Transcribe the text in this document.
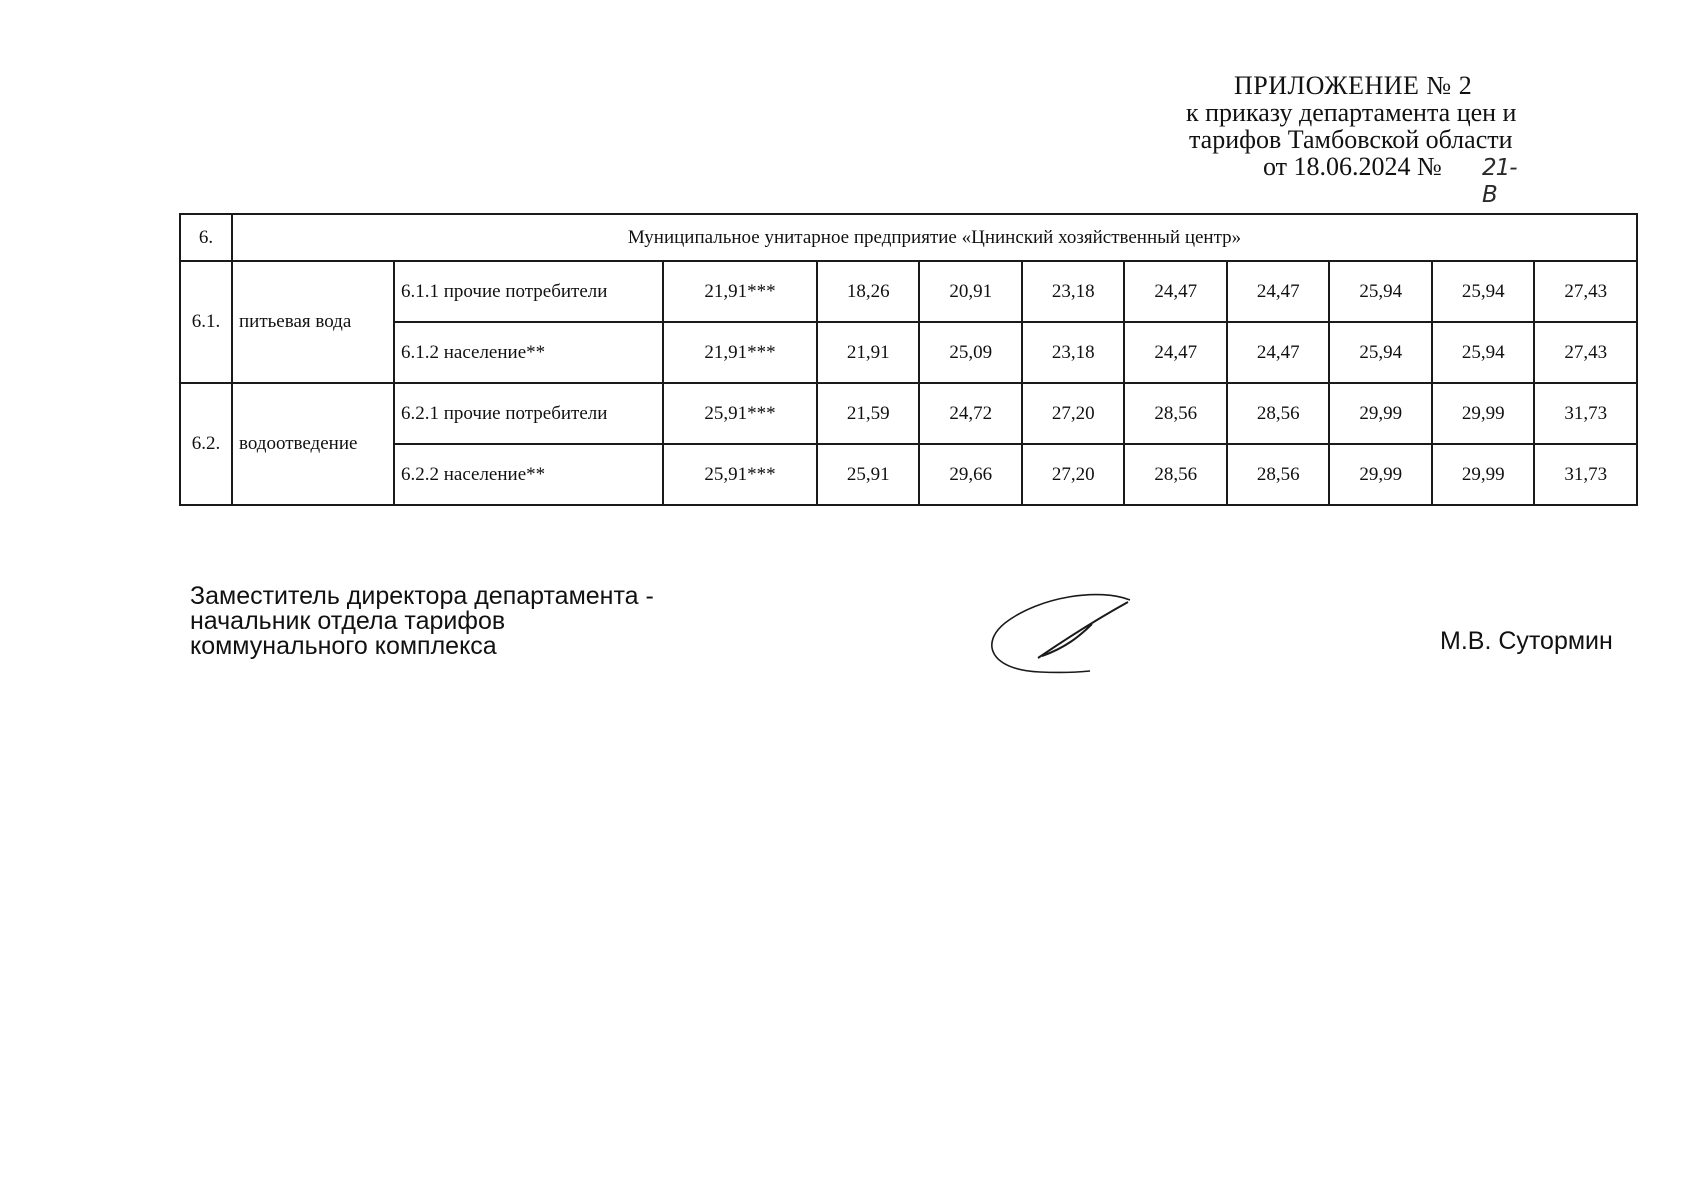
ПРИЛОЖЕНИЕ № 2
к приказу департамента цен и
тарифов Тамбовской области
от 18.06.2024 № 21-В
6.	Муниципальное унитарное предприятие «Цнинский хозяйственный центр»										
6.1.	питьевая вода	6.1.1 прочие потребители	21,91***	18,26	20,91	23,18	24,47	24,47	25,94	25,94	27,43
		6.1.2 население**	21,91***	21,91	25,09	23,18	24,47	24,47	25,94	25,94	27,43
6.2.	водоотведение	6.2.1 прочие потребители	25,91***	21,59	24,72	27,20	28,56	28,56	29,99	29,99	31,73
		6.2.2 население**	25,91***	25,91	29,66	27,20	28,56	28,56	29,99	29,99	31,73
Заместитель директора департамента -
начальник отдела тарифов
коммунального комплекса	М.В. Сутормин
